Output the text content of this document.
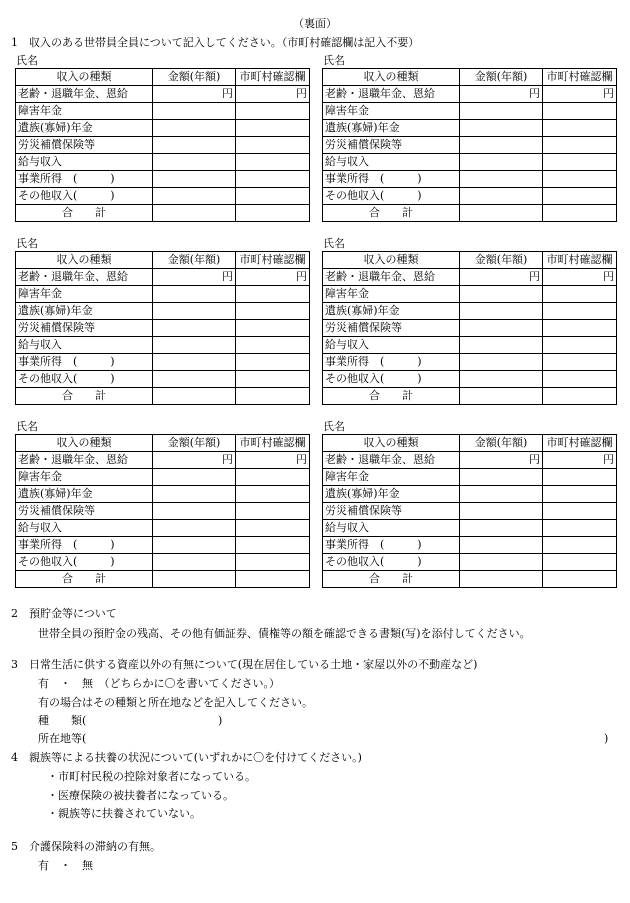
（裏面）
1　収入のある世帯員全員について記入してください。（市町村確認欄は記入不要）
氏名
収入の種類	金額(年額)	市町村確認欄
老齢・退職年金、恩給	円	円
障害年金		
遺族(寡婦)年金		
労災補償保険等		
給与収入		
事業所得　(　　　)		
その他収入(　　　)		
合　　計		
氏名
収入の種類	金額(年額)	市町村確認欄
老齢・退職年金、恩給	円	円
障害年金		
遺族(寡婦)年金		
労災補償保険等		
給与収入		
事業所得　(　　　)		
その他収入(　　　)		
合　　計		
氏名
収入の種類	金額(年額)	市町村確認欄
老齢・退職年金、恩給	円	円
障害年金		
遺族(寡婦)年金		
労災補償保険等		
給与収入		
事業所得　(　　　)		
その他収入(　　　)		
合　　計		
氏名
収入の種類	金額(年額)	市町村確認欄
老齢・退職年金、恩給	円	円
障害年金		
遺族(寡婦)年金		
労災補償保険等		
給与収入		
事業所得　(　　　)		
その他収入(　　　)		
合　　計		
氏名
収入の種類	金額(年額)	市町村確認欄
老齢・退職年金、恩給	円	円
障害年金		
遺族(寡婦)年金		
労災補償保険等		
給与収入		
事業所得　(　　　)		
その他収入(　　　)		
合　　計		
氏名
収入の種類	金額(年額)	市町村確認欄
老齢・退職年金、恩給	円	円
障害年金		
遺族(寡婦)年金		
労災補償保険等		
給与収入		
事業所得　(　　　)		
その他収入(　　　)		
合　　計		
2　預貯金等について
世帯全員の預貯金の残高、その他有価証券、債権等の額を確認できる書類(写)を添付してください。
3　日常生活に供する資産以外の有無について(現在居住している土地・家屋以外の不動産など)
有　・　無　（どちらかに〇を書いてください。）
有の場合はその種類と所在地などを記入してください。
種　　類(	)
所在地等(	)
4　親族等による扶養の状況について(いずれかに〇を付けてください。)
・市町村民税の控除対象者になっている。
・医療保険の被扶養者になっている。
・親族等に扶養されていない。
5　介護保険料の滞納の有無。
有　・　無
